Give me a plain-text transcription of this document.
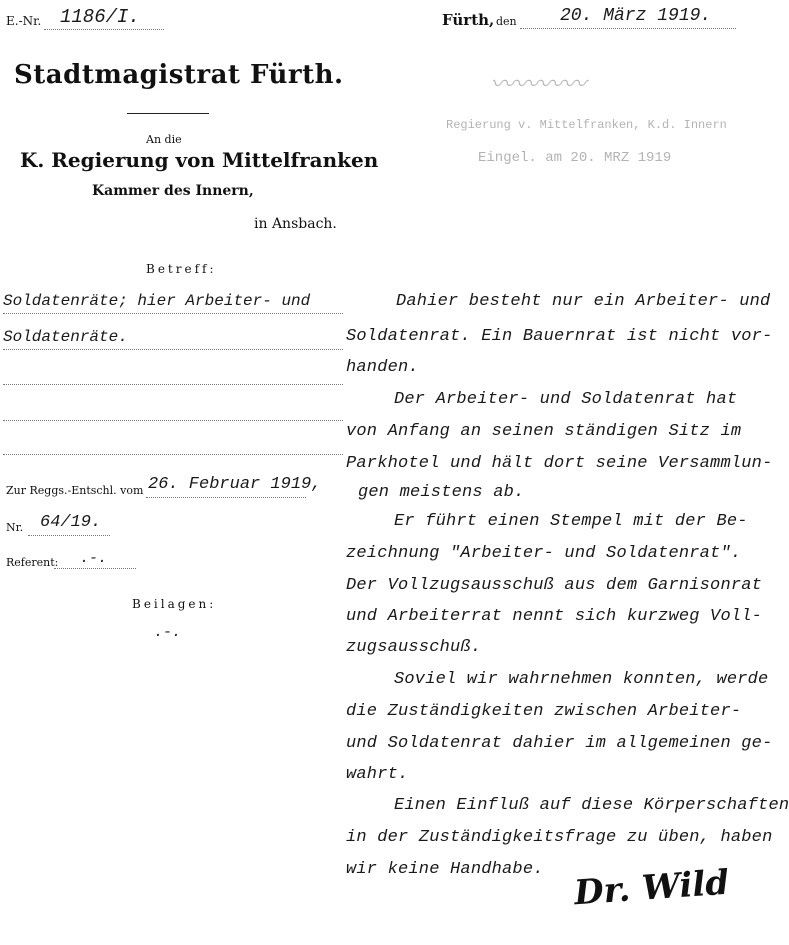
E.-Nr. 1186/I.	Fürth, den 20. März 1919.
Stadtmagistrat Fürth.	〰〰〰〰
Regierung v. Mittelfranken, K.d. Innern
Eingel. am 20. MRZ 1919
An die
K. Regierung von Mittelfranken
Kammer des Innern,
in Ansbach.
Betreff:
Soldatenräte; hier Arbeiter- und
Soldatenräte.
Zur Reggs.-Entschl. vom 26. Februar 1919,
Nr. 64/19.
Referent: .-.
Beilagen:
.-.
Dahier besteht nur ein Arbeiter- und
Soldatenrat. Ein Bauernrat ist nicht vor-
handen.
Der Arbeiter- und Soldatenrat hat
von Anfang an seinen ständigen Sitz im
Parkhotel und hält dort seine Versammlun-
gen meistens ab.
Er führt einen Stempel mit der Be-
zeichnung "Arbeiter- und Soldatenrat".
Der Vollzugsausschuß aus dem Garnisonrat
und Arbeiterrat nennt sich kurzweg Voll-
zugsausschuß.
Soviel wir wahrnehmen konnten, werde
die Zuständigkeiten zwischen Arbeiter-
und Soldatenrat dahier im allgemeinen ge-
wahrt.
Einen Einfluß auf diese Körperschaften
in der Zuständigkeitsfrage zu üben, haben
wir keine Handhabe. Dr. Wild
